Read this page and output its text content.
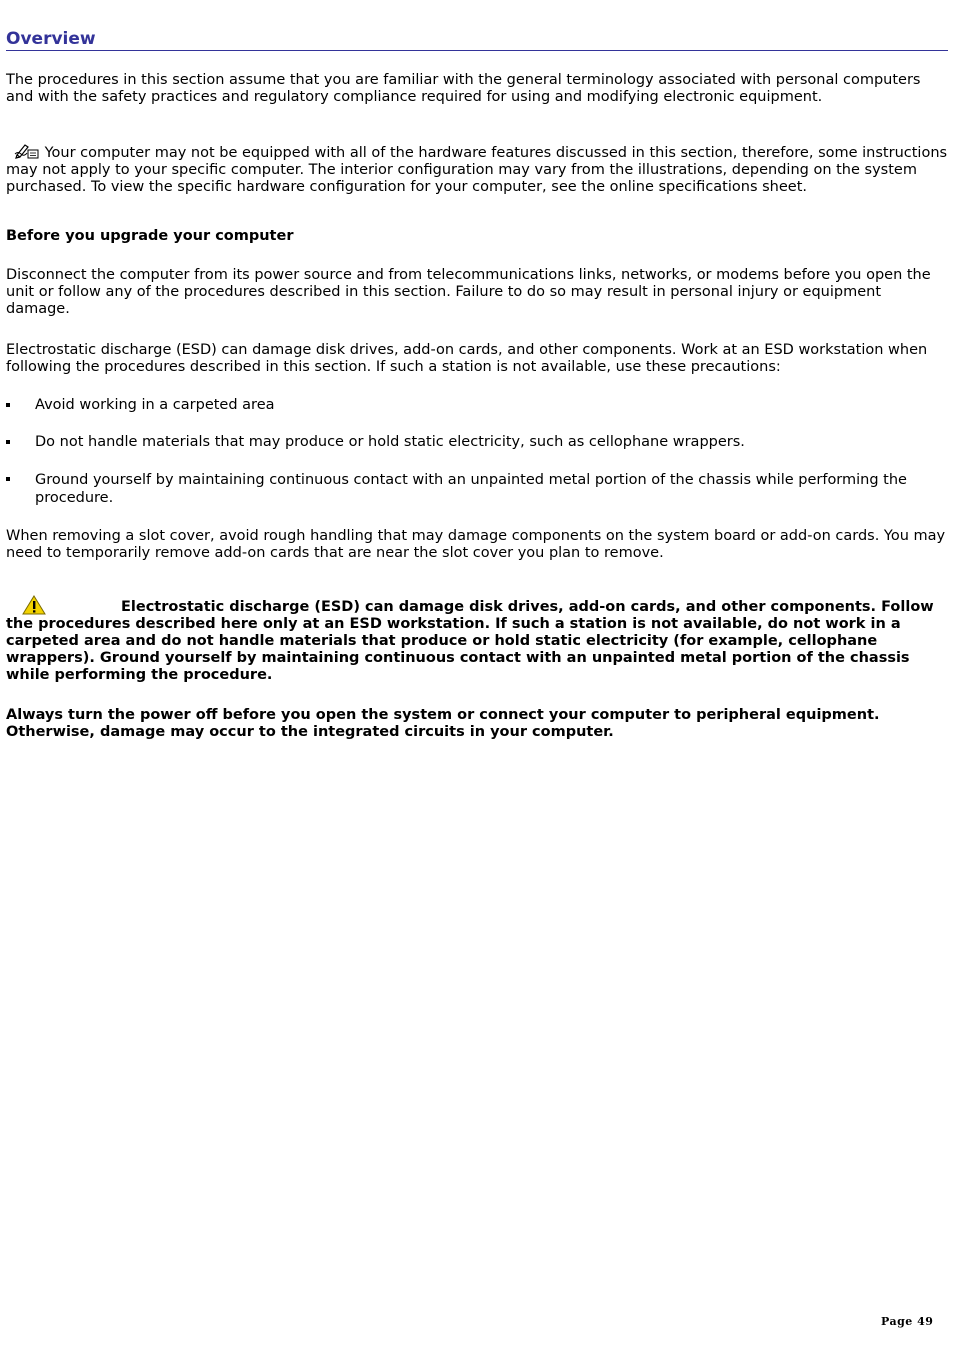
Overview

The procedures in this section assume that you are familiar with the general terminology associated with personal computers and with the safety practices and regulatory compliance required for using and modifying electronic equipment.

Your computer may not be equipped with all of the hardware features discussed in this section, therefore, some instructions may not apply to your specific computer. The interior configuration may vary from the illustrations, depending on the system purchased. To view the specific hardware configuration for your computer, see the online specifications sheet.

Before you upgrade your computer

Disconnect the computer from its power source and from telecommunications links, networks, or modems before you open the unit or follow any of the procedures described in this section. Failure to do so may result in personal injury or equipment damage.

Electrostatic discharge (ESD) can damage disk drives, add-on cards, and other components. Work at an ESD workstation when following the procedures described in this section. If such a station is not available, use these precautions:

Avoid working in a carpeted area
Do not handle materials that may produce or hold static electricity, such as cellophane wrappers.
Ground yourself by maintaining continuous contact with an unpainted metal portion of the chassis while performing the procedure.

When removing a slot cover, avoid rough handling that may damage components on the system board or add-on cards. You may need to temporarily remove add-on cards that are near the slot cover you plan to remove.

Electrostatic discharge (ESD) can damage disk drives, add-on cards, and other components. Follow the procedures described here only at an ESD workstation. If such a station is not available, do not work in a carpeted area and do not handle materials that produce or hold static electricity (for example, cellophane wrappers). Ground yourself by maintaining continuous contact with an unpainted metal portion of the chassis while performing the procedure.

Always turn the power off before you open the system or connect your computer to peripheral equipment. Otherwise, damage may occur to the integrated circuits in your computer.

Page 49
